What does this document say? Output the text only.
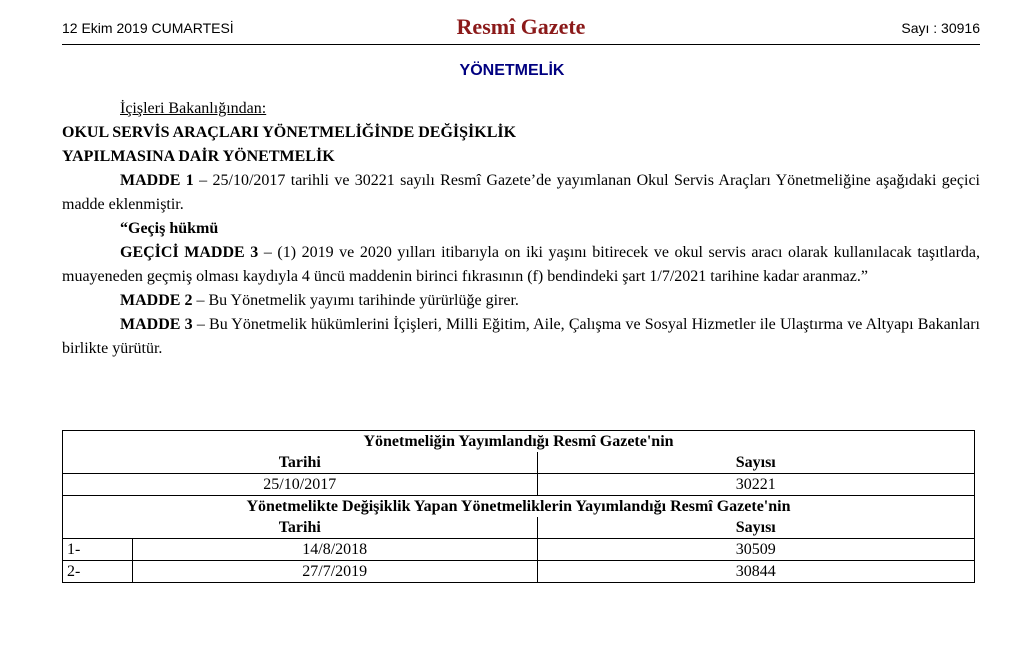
12 Ekim 2019 CUMARTESİ	Resmî Gazete	Sayı : 30916
YÖNETMELİK

İçişleri Bakanlığından:

OKUL SERVİS ARAÇLARI YÖNETMELİĞİNDE DEĞİŞİKLİK

YAPILMASINA DAİR YÖNETMELİK

MADDE 1 – 25/10/2017 tarihli ve 30221 sayılı Resmî Gazete’de yayımlanan Okul Servis Araçları Yönetmeliğine aşağıdaki geçici madde eklenmiştir.

“Geçiş hükmü

GEÇİCİ MADDE 3 – (1) 2019 ve 2020 yılları itibarıyla on iki yaşını bitirecek ve okul servis aracı olarak kullanılacak taşıtlarda, muayeneden geçmiş olması kaydıyla 4 üncü maddenin birinci fıkrasının (f) bendindeki şart 1/7/2021 tarihine kadar aranmaz.”

MADDE 2 – Bu Yönetmelik yayımı tarihinde yürürlüğe girer.

MADDE 3 – Bu Yönetmelik hükümlerini İçişleri, Milli Eğitim, Aile, Çalışma ve Sosyal Hizmetler ile Ulaştırma ve Altyapı Bakanları birlikte yürütür.

Yönetmeliğin Yayımlandığı Resmî Gazete'nin		
Tarihi		Sayısı
25/10/2017		30221
Yönetmelikte Değişiklik Yapan Yönetmeliklerin Yayımlandığı Resmî Gazete'nin		
Tarihi		Sayısı
1-	14/8/2018	30509
2-	27/7/2019	30844
